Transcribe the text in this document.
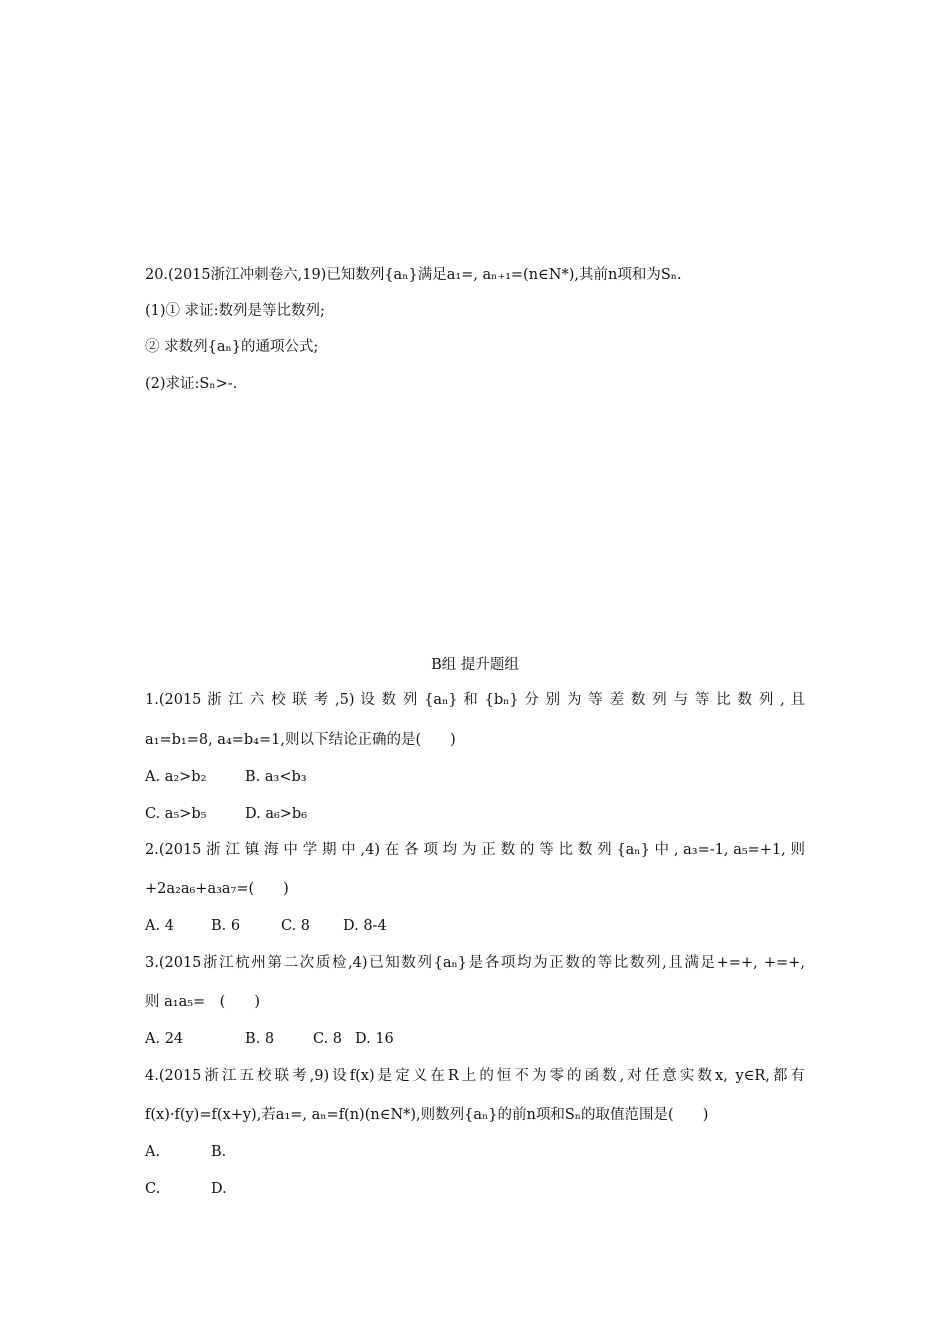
20.(2015浙江冲刺卷六,19)已知数列{aₙ}满足a₁=, aₙ₊₁=(n∈N*),其前n项和为Sₙ.
(1)① 求证:数列是等比数列;
② 求数列{aₙ}的通项公式;
(2)求证:Sₙ>-.
B组 提升题组
1.(2015 浙 江 六 校 联 考 ,5) 设 数 列 {aₙ} 和 {bₙ} 分 别 为 等 差 数 列 与 等 比 数 列 , 且
a₁=b₁=8, a₄=b₄=1,则以下结论正确的是(　　)
A. a₂>b₂	B. a₃<b₃
C. a₅>b₅	D. a₆>b₆
2.(2015 浙 江 镇 海 中 学 期 中 ,4) 在 各 项 均 为 正 数 的 等 比 数 列 {aₙ} 中 , a₃=-1, a₅=+1, 则
+2a₂a₆+a₃a₇=(　　)
A. 4	B. 6	C. 8 D. 8-4
3.(2015浙江杭州第二次质检,4)已知数列{aₙ}是各项均为正数的等比数列,且满足+=+, +=+,
则 a₁a₅=　(　　)
A. 24	B. 8	C. 8 D. 16
4.(2015浙江五校联考,9)设f(x)是定义在R上的恒不为零的函数,对任意实数x, y∈R,都有
f(x)·f(y)=f(x+y),若a₁=, aₙ=f(n)(n∈N*),则数列{aₙ}的前n项和Sₙ的取值范围是(　　)
A.	B.
C.	D.
